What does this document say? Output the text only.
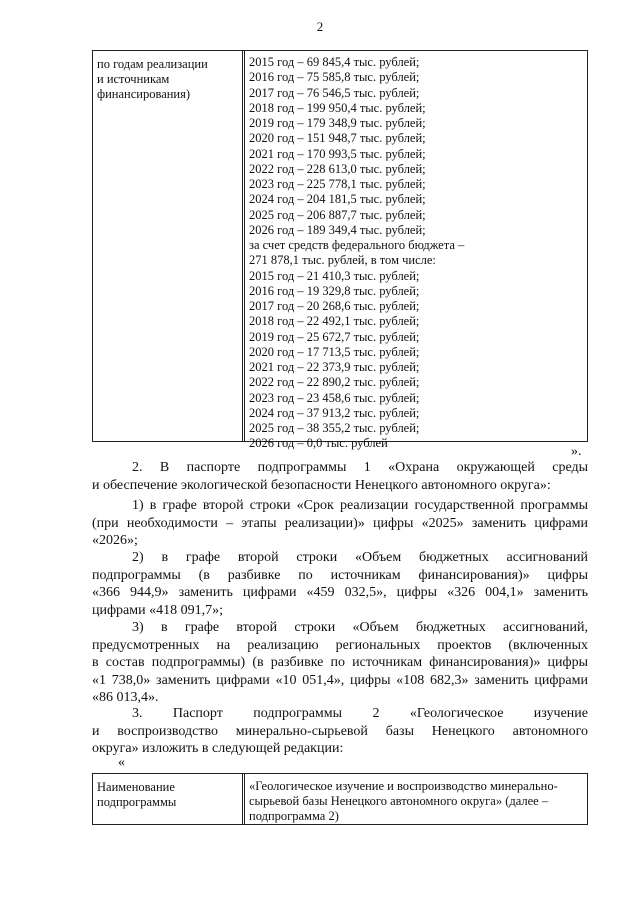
2
по годам реализации
и источникам
финансирования)
2015 год – 69 845,4 тыс. рублей;
2016 год – 75 585,8 тыс. рублей;
2017 год – 76 546,5 тыс. рублей;
2018 год – 199 950,4 тыс. рублей;
2019 год – 179 348,9 тыс. рублей;
2020 год – 151 948,7 тыс. рублей;
2021 год – 170 993,5 тыс. рублей;
2022 год – 228 613,0 тыс. рублей;
2023 год – 225 778,1 тыс. рублей;
2024 год – 204 181,5 тыс. рублей;
2025 год – 206 887,7 тыс. рублей;
2026 год – 189 349,4 тыс. рублей;
за счет средств федерального бюджета –
271 878,1 тыс. рублей, в том числе:
2015 год – 21 410,3 тыс. рублей;
2016 год – 19 329,8 тыс. рублей;
2017 год – 20 268,6 тыс. рублей;
2018 год – 22 492,1 тыс. рублей;
2019 год – 25 672,7 тыс. рублей;
2020 год – 17 713,5 тыс. рублей;
2021 год – 22 373,9 тыс. рублей;
2022 год – 22 890,2 тыс. рублей;
2023 год – 23 458,6 тыс. рублей;
2024 год – 37 913,2 тыс. рублей;
2025 год – 38 355,2 тыс. рублей;
2026 год – 0,0 тыс. рублей
».
2. В паспорте подпрограммы 1 «Охрана окружающей среды
и обеспечение экологической безопасности Ненецкого автономного округа»:
1) в графе второй строки «Срок реализации государственной программы
(при необходимости – этапы реализации)» цифры «2025» заменить цифрами
«2026»;
2) в графе второй строки «Объем бюджетных ассигнований
подпрограммы (в разбивке по источникам финансирования)» цифры
«366 944,9» заменить цифрами «459 032,5», цифры «326 004,1» заменить
цифрами «418 091,7»;
3) в графе второй строки «Объем бюджетных ассигнований,
предусмотренных на реализацию региональных проектов (включенных
в состав подпрограммы) (в разбивке по источникам финансирования)» цифры
«1 738,0» заменить цифрами «10 051,4», цифры «108 682,3» заменить цифрами
«86 013,4».
3. Паспорт подпрограммы 2 «Геологическое изучение
и воспроизводство минерально-сырьевой базы Ненецкого автономного
округа» изложить в следующей редакции:
«
Наименование
подпрограммы
«Геологическое изучение и воспроизводство минерально-
сырьевой базы Ненецкого автономного округа» (далее –
подпрограмма 2)
